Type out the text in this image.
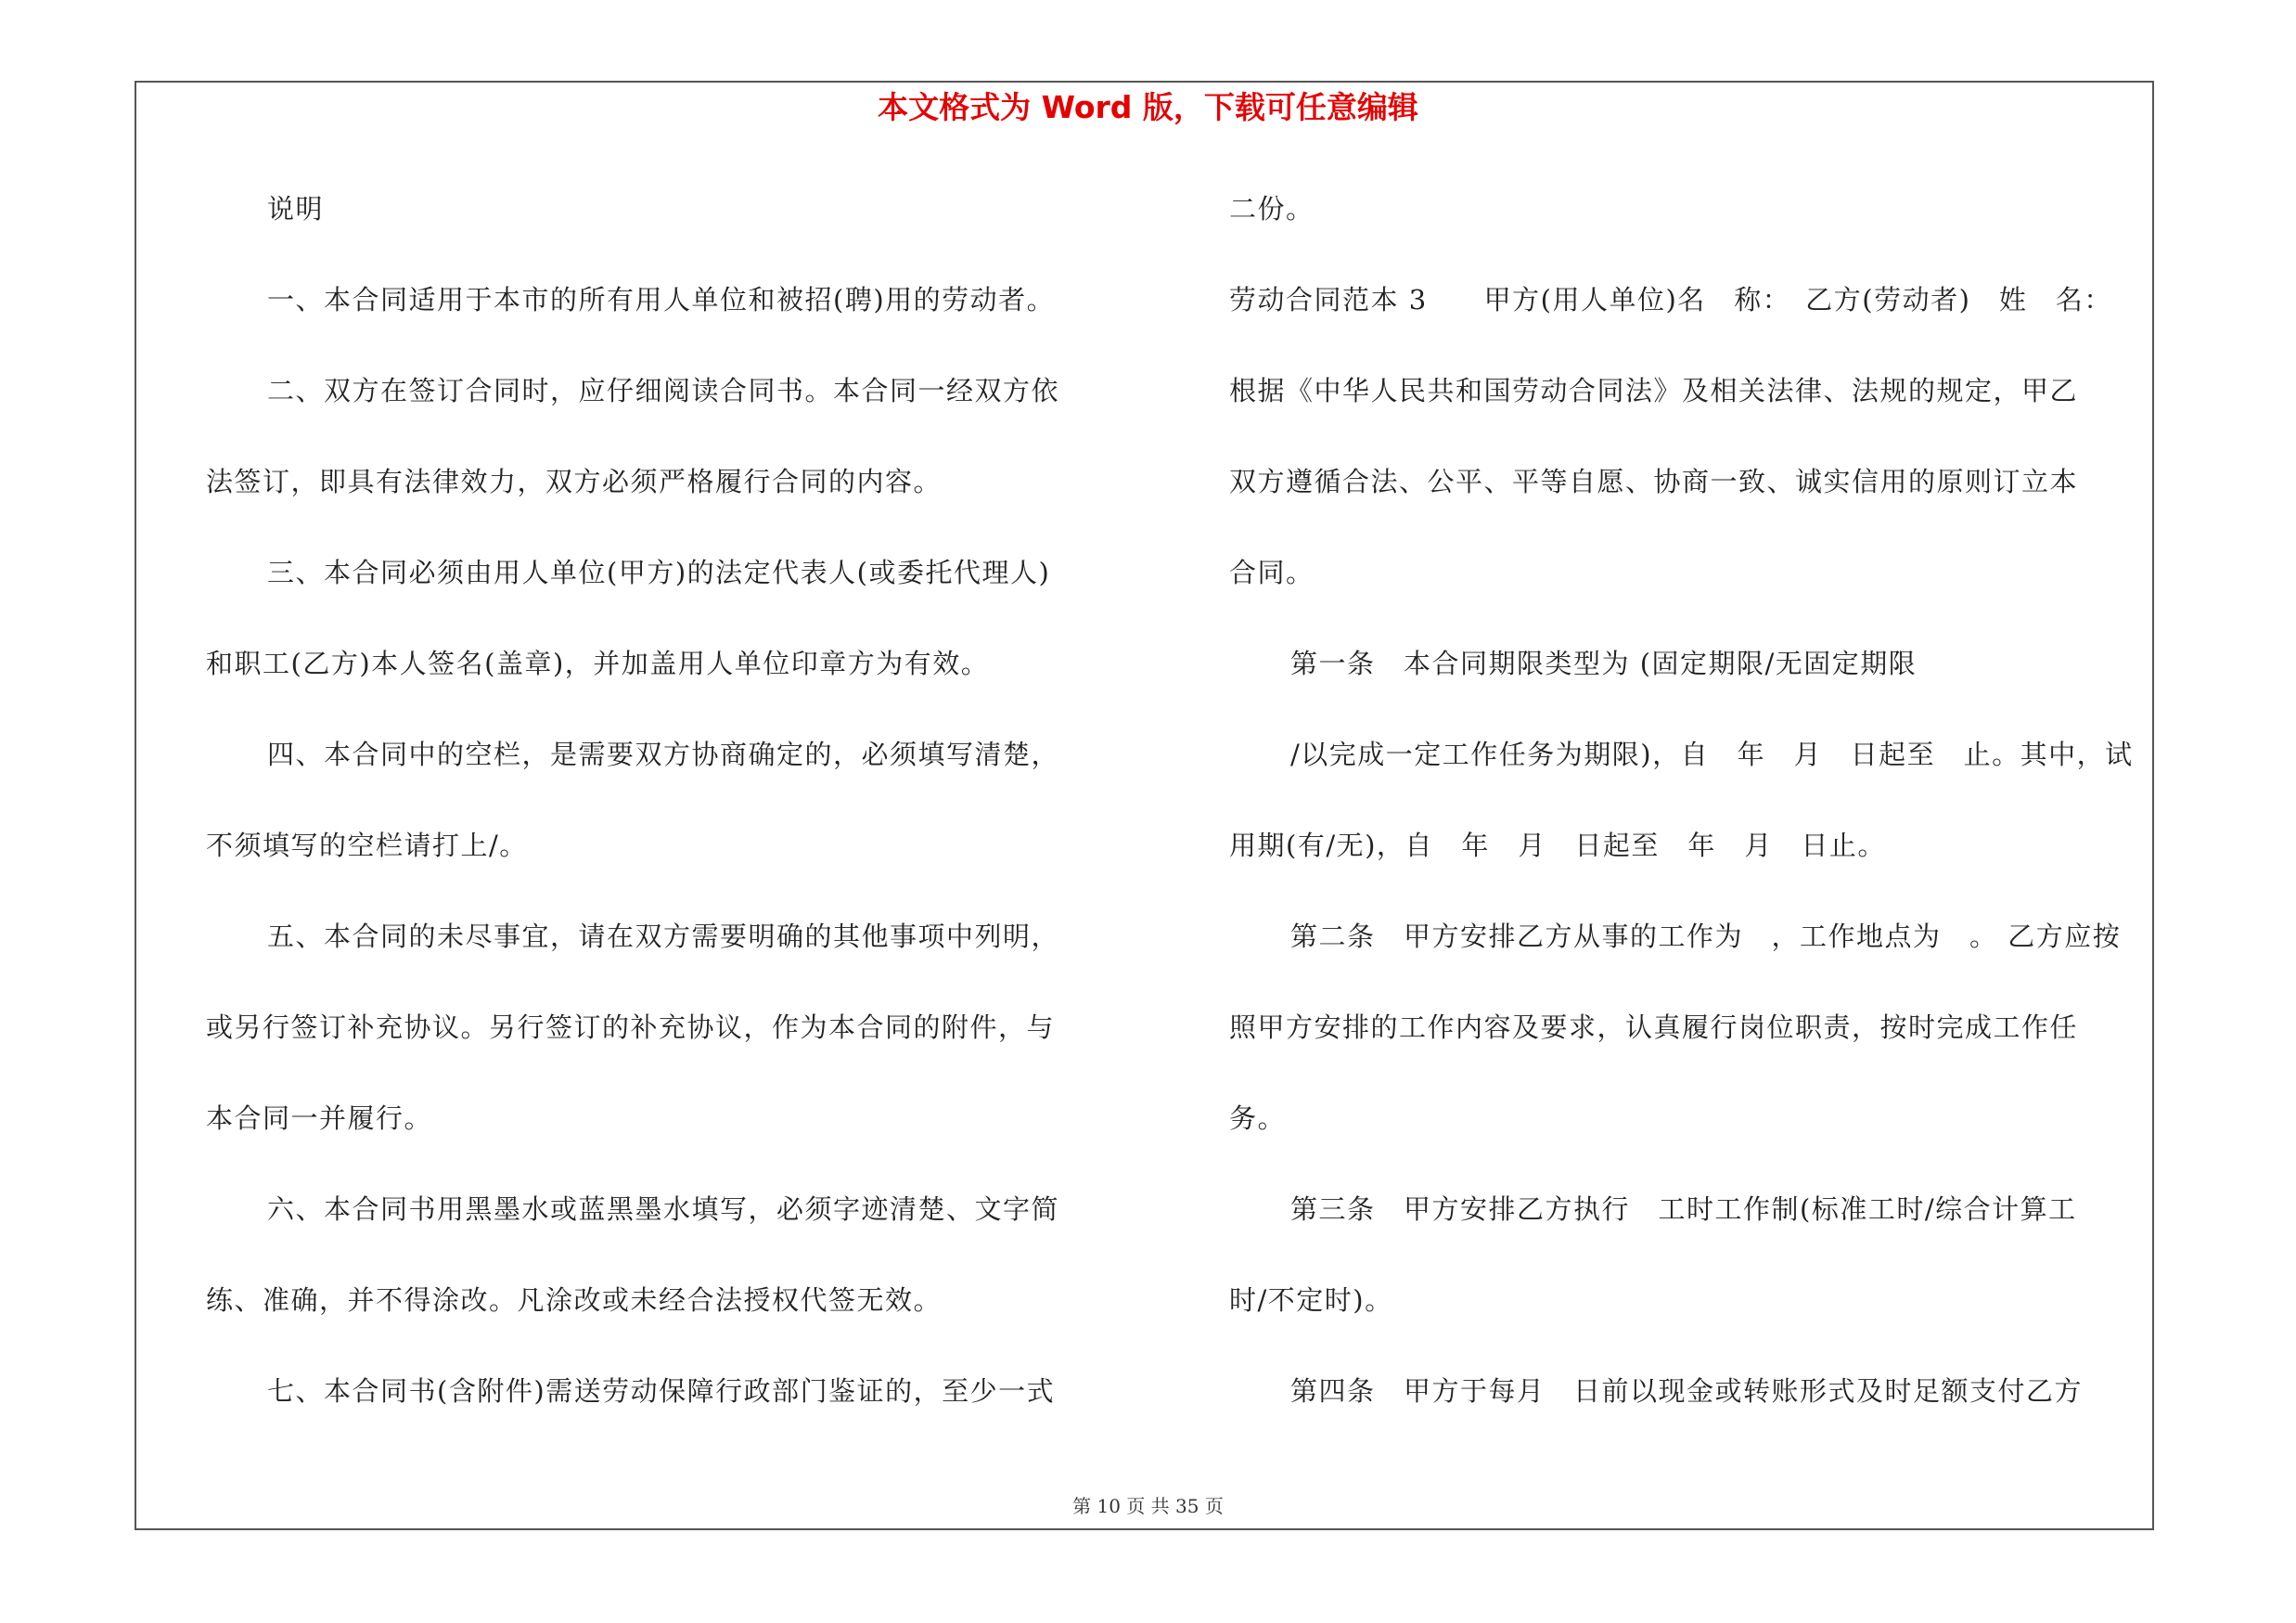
本文格式为 Word 版，下载可任意编辑
说明
一、本合同适用于本市的所有用人单位和被招(聘)用的劳动者。
二、双方在签订合同时，应仔细阅读合同书。本合同一经双方依
法签订，即具有法律效力，双方必须严格履行合同的内容。
三、本合同必须由用人单位(甲方)的法定代表人(或委托代理人)
和职工(乙方)本人签名(盖章)，并加盖用人单位印章方为有效。
四、本合同中的空栏，是需要双方协商确定的，必须填写清楚，
不须填写的空栏请打上/。
五、本合同的未尽事宜，请在双方需要明确的其他事项中列明，
或另行签订补充协议。另行签订的补充协议，作为本合同的附件，与
本合同一并履行。
六、本合同书用黑墨水或蓝黑墨水填写，必须字迹清楚、文字简
练、准确，并不得涂改。凡涂改或未经合法授权代签无效。
七、本合同书(含附件)需送劳动保障行政部门鉴证的，至少一式
二份。
劳动合同范本 3　　甲方(用人单位)名　称：　乙方(劳动者)　姓　名：
根据《中华人民共和国劳动合同法》及相关法律、法规的规定，甲乙
双方遵循合法、公平、平等自愿、协商一致、诚实信用的原则订立本
合同。
第一条　本合同期限类型为 (固定期限/无固定期限
/以完成一定工作任务为期限)，自　年　月　日起至　止。其中，试
用期(有/无)，自　年　月　日起至　年　月　日止。
第二条　甲方安排乙方从事的工作为　，工作地点为　。 乙方应按
照甲方安排的工作内容及要求，认真履行岗位职责，按时完成工作任
务。
第三条　甲方安排乙方执行　工时工作制(标准工时/综合计算工
时/不定时)。
第四条　甲方于每月　日前以现金或转账形式及时足额支付乙方
第 10 页 共 35 页
